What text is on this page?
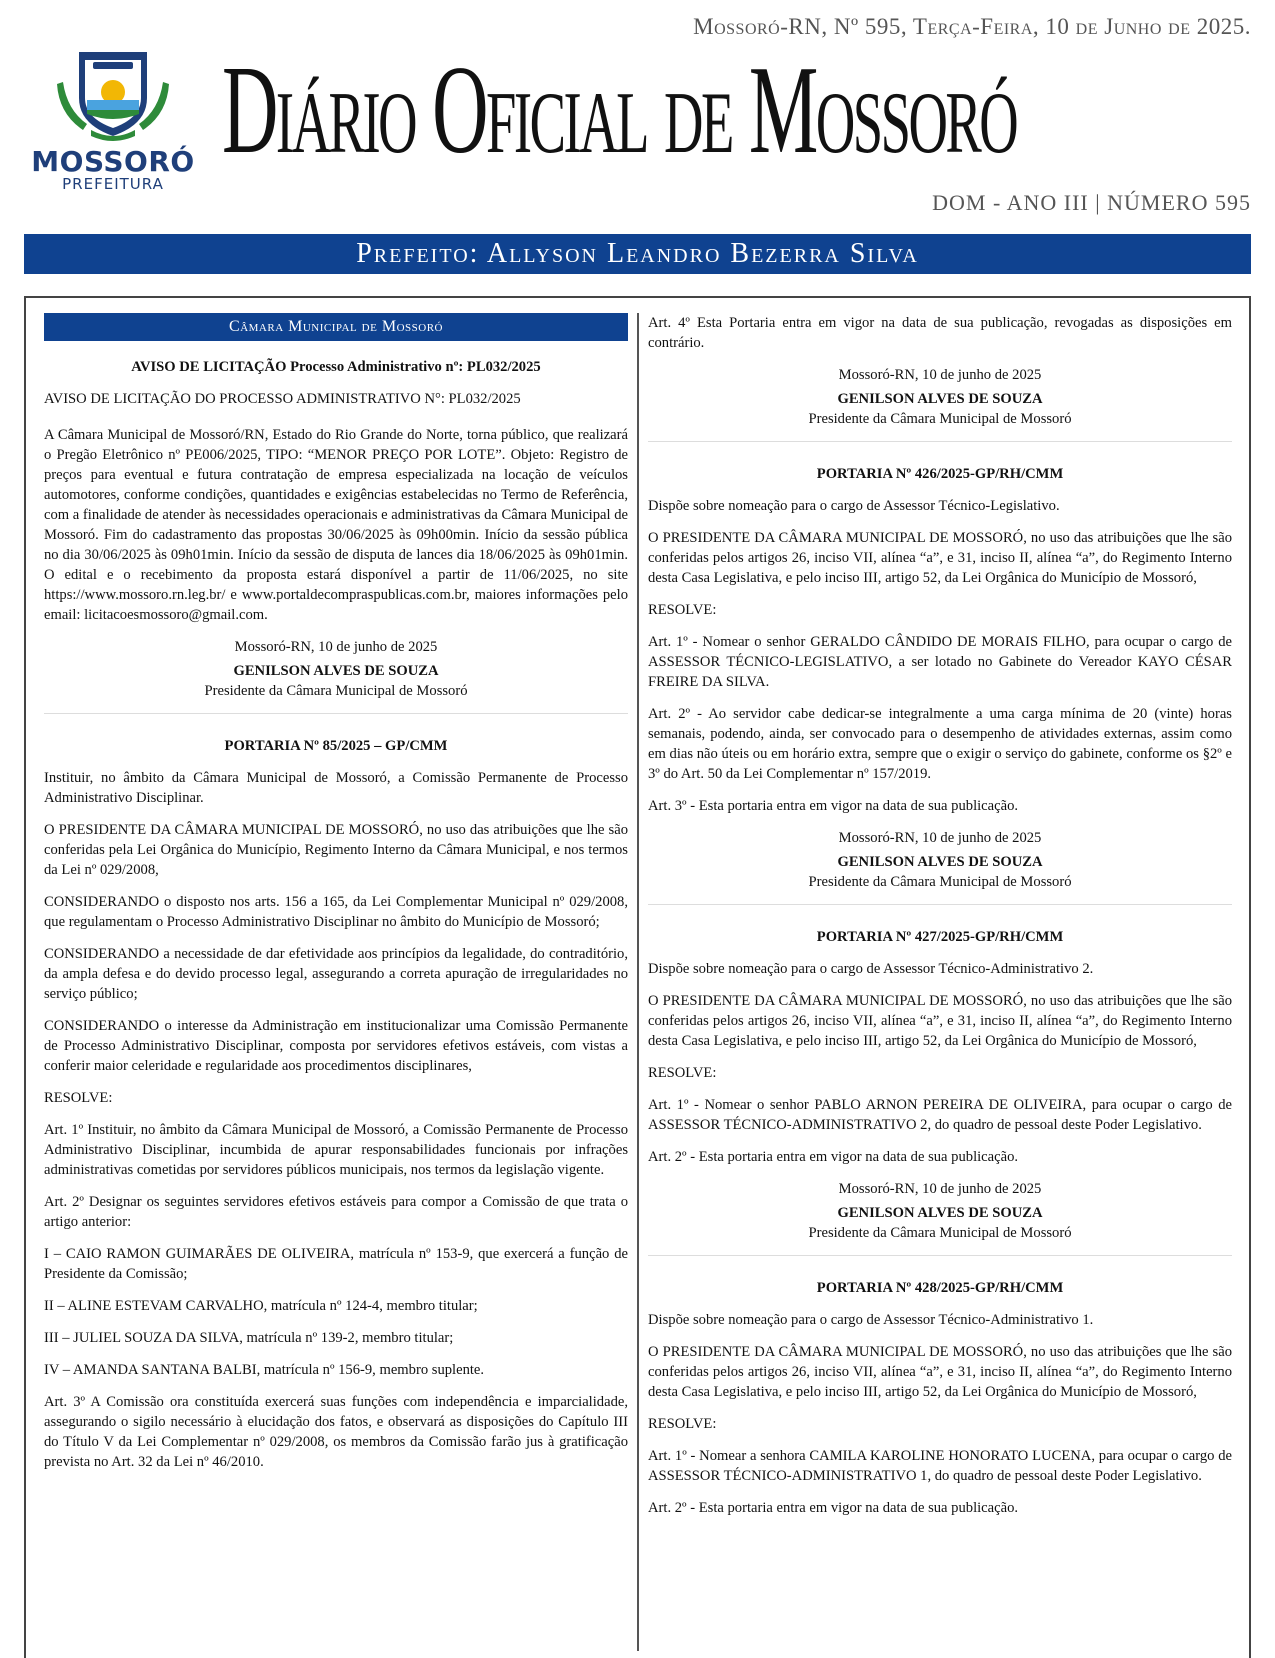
Mossoró-RN, Nº 595, Terça-Feira, 10 de Junho de 2025.
MOSSORÓ
PREFEITURA
Diário Oficial de Mossoró
DOM - ANO III | NÚMERO 595
Prefeito: Allyson Leandro Bezerra Silva
Câmara Municipal de Mossoró

AVISO DE LICITAÇÃO Processo Administrativo nº: PL032/2025

AVISO DE LICITAÇÃO DO PROCESSO ADMINISTRATIVO N°: PL032/2025

A Câmara Municipal de Mossoró/RN, Estado do Rio Grande do Norte, torna público, que realizará o Pregão Eletrônico nº PE006/2025, TIPO: “MENOR PREÇO POR LOTE”. Objeto: Registro de preços para eventual e futura contratação de empresa especializada na locação de veículos automotores, conforme condições, quantidades e exigências estabelecidas no Termo de Referência, com a finalidade de atender às necessidades operacionais e administrativas da Câmara Municipal de Mossoró. Fim do cadastramento das propostas 30/06/2025 às 09h00min. Início da sessão pública no dia 30/06/2025 às 09h01min. Início da sessão de disputa de lances dia 18/06/2025 às 09h01min. O edital e o recebimento da proposta estará disponível a partir de 11/06/2025, no site https://www.mossoro.rn.leg.br/ e www.portaldecompraspublicas.com.br, maiores informações pelo email: licitacoesmossoro@gmail.com.

Mossoró-RN, 10 de junho de 2025

GENILSON ALVES DE SOUZA

Presidente da Câmara Municipal de Mossoró

PORTARIA Nº 85/2025 – GP/CMM

Instituir, no âmbito da Câmara Municipal de Mossoró, a Comissão Permanente de Processo Administrativo Disciplinar.

O PRESIDENTE DA CÂMARA MUNICIPAL DE MOSSORÓ, no uso das atribuições que lhe são conferidas pela Lei Orgânica do Município, Regimento Interno da Câmara Municipal, e nos termos da Lei nº 029/2008,

CONSIDERANDO o disposto nos arts. 156 a 165, da Lei Complementar Municipal nº 029/2008, que regulamentam o Processo Administrativo Disciplinar no âmbito do Município de Mossoró;

CONSIDERANDO a necessidade de dar efetividade aos princípios da legalidade, do contraditório, da ampla defesa e do devido processo legal, assegurando a correta apuração de irregularidades no serviço público;

CONSIDERANDO o interesse da Administração em institucionalizar uma Comissão Permanente de Processo Administrativo Disciplinar, composta por servidores efetivos estáveis, com vistas a conferir maior celeridade e regularidade aos procedimentos disciplinares,

RESOLVE:

Art. 1º Instituir, no âmbito da Câmara Municipal de Mossoró, a Comissão Permanente de Processo Administrativo Disciplinar, incumbida de apurar responsabilidades funcionais por infrações administrativas cometidas por servidores públicos municipais, nos termos da legislação vigente.

Art. 2º Designar os seguintes servidores efetivos estáveis para compor a Comissão de que trata o artigo anterior:

I – CAIO RAMON GUIMARÃES DE OLIVEIRA, matrícula nº 153-9, que exercerá a função de Presidente da Comissão;

II – ALINE ESTEVAM CARVALHO, matrícula nº 124-4, membro titular;

III – JULIEL SOUZA DA SILVA, matrícula nº 139-2, membro titular;

IV – AMANDA SANTANA BALBI, matrícula nº 156-9, membro suplente.

Art. 3º A Comissão ora constituída exercerá suas funções com independência e imparcialidade, assegurando o sigilo necessário à elucidação dos fatos, e observará as disposições do Capítulo III do Título V da Lei Complementar nº 029/2008, os membros da Comissão farão jus à gratificação prevista no Art. 32 da Lei nº 46/2010.

Art. 4º Esta Portaria entra em vigor na data de sua publicação, revogadas as disposições em contrário.

Mossoró-RN, 10 de junho de 2025

GENILSON ALVES DE SOUZA

Presidente da Câmara Municipal de Mossoró

PORTARIA Nº 426/2025-GP/RH/CMM

Dispõe sobre nomeação para o cargo de Assessor Técnico-Legislativo.

O PRESIDENTE DA CÂMARA MUNICIPAL DE MOSSORÓ, no uso das atribuições que lhe são conferidas pelos artigos 26, inciso VII, alínea “a”, e 31, inciso II, alínea “a”, do Regimento Interno desta Casa Legislativa, e pelo inciso III, artigo 52, da Lei Orgânica do Município de Mossoró,

RESOLVE:

Art. 1º - Nomear o senhor GERALDO CÂNDIDO DE MORAIS FILHO, para ocupar o cargo de ASSESSOR TÉCNICO-LEGISLATIVO, a ser lotado no Gabinete do Vereador KAYO CÉSAR FREIRE DA SILVA.

Art. 2º - Ao servidor cabe dedicar-se integralmente a uma carga mínima de 20 (vinte) horas semanais, podendo, ainda, ser convocado para o desempenho de atividades externas, assim como em dias não úteis ou em horário extra, sempre que o exigir o serviço do gabinete, conforme os §2º e 3º do Art. 50 da Lei Complementar nº 157/2019.

Art. 3º - Esta portaria entra em vigor na data de sua publicação.

Mossoró-RN, 10 de junho de 2025

GENILSON ALVES DE SOUZA

Presidente da Câmara Municipal de Mossoró

PORTARIA Nº 427/2025-GP/RH/CMM

Dispõe sobre nomeação para o cargo de Assessor Técnico-Administrativo 2.

O PRESIDENTE DA CÂMARA MUNICIPAL DE MOSSORÓ, no uso das atribuições que lhe são conferidas pelos artigos 26, inciso VII, alínea “a”, e 31, inciso II, alínea “a”, do Regimento Interno desta Casa Legislativa, e pelo inciso III, artigo 52, da Lei Orgânica do Município de Mossoró,

RESOLVE:

Art. 1º - Nomear o senhor PABLO ARNON PEREIRA DE OLIVEIRA, para ocupar o cargo de ASSESSOR TÉCNICO-ADMINISTRATIVO 2, do quadro de pessoal deste Poder Legislativo.

Art. 2º - Esta portaria entra em vigor na data de sua publicação.

Mossoró-RN, 10 de junho de 2025

GENILSON ALVES DE SOUZA

Presidente da Câmara Municipal de Mossoró

PORTARIA Nº 428/2025-GP/RH/CMM

Dispõe sobre nomeação para o cargo de Assessor Técnico-Administrativo 1.

O PRESIDENTE DA CÂMARA MUNICIPAL DE MOSSORÓ, no uso das atribuições que lhe são conferidas pelos artigos 26, inciso VII, alínea “a”, e 31, inciso II, alínea “a”, do Regimento Interno desta Casa Legislativa, e pelo inciso III, artigo 52, da Lei Orgânica do Município de Mossoró,

RESOLVE:

Art. 1º - Nomear a senhora CAMILA KAROLINE HONORATO LUCENA, para ocupar o cargo de ASSESSOR TÉCNICO-ADMINISTRATIVO 1, do quadro de pessoal deste Poder Legislativo.

Art. 2º - Esta portaria entra em vigor na data de sua publicação.
